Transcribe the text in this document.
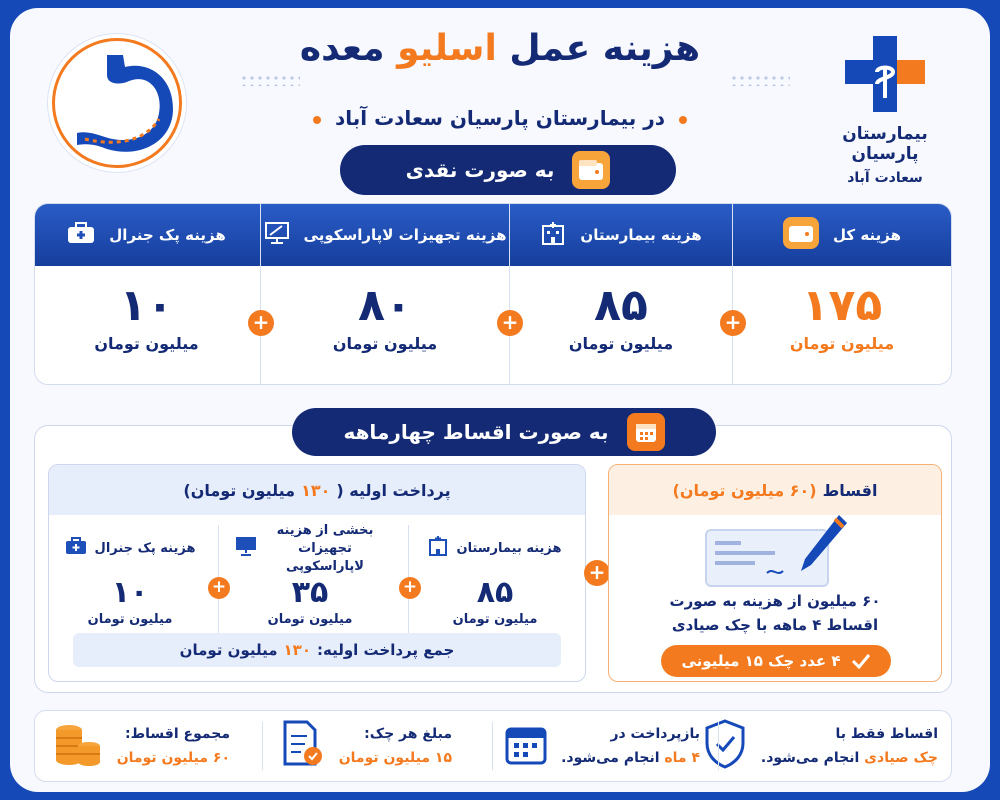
هزینه عمل اسلیو معده
در بیمارستان پارسیان سعادت آباد
بیمارستان پارسیان
سعادت آباد
به صورت نقدی
هزینه کل
۱۷۵
میلیون تومان
هزینه بیمارستان
۸۵
میلیون تومان
هزینه تجهیزات لاپاراسکوپی
۸۰
میلیون تومان
هزینه پک جنرال
۱۰
میلیون تومان
+
+
+
به صورت اقساط چهارماهه
پرداخت اولیه (
۱۳۰
میلیون تومان)
هزینه بیمارستان
۸۵
میلیون تومان
+
بخشی از هزینه تجهیزات لاپاراسکوپی
۳۵
میلیون تومان
+
هزینه پک جنرال
۱۰
میلیون تومان
جمع پرداخت اولیه:
۱۳۰
میلیون تومان
+
اقساط
(۶۰ میلیون تومان)
۶۰ میلیون از هزینه به صورت
اقساط ۴ ماهه با چک صیادی
۴ عدد چک ۱۵ میلیونی
اقساط فقط با
چک صیادی انجام می‌شود.
بازپرداخت در
۴ ماه انجام می‌شود.
مبلغ هر چک:
۱۵ میلیون تومان
مجموع اقساط:
۶۰ میلیون تومان
